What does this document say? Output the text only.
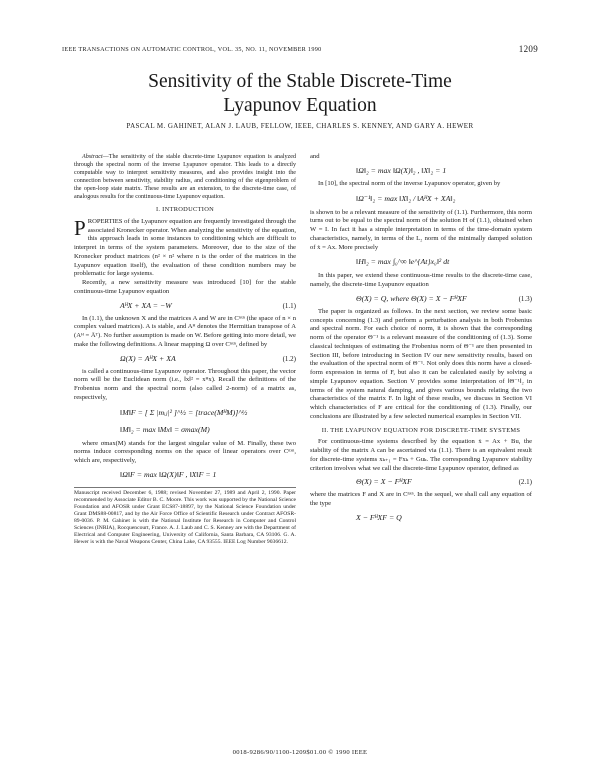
IEEE TRANSACTIONS ON AUTOMATIC CONTROL, VOL. 35, NO. 11, NOVEMBER 1990	1209
Sensitivity of the Stable Discrete-Time
Lyapunov Equation
PASCAL M. GAHINET, ALAN J. LAUB, FELLOW, IEEE, CHARLES S. KENNEY, AND GARY A. HEWER

Abstract—The sensitivity of the stable discrete-time Lyapunov equation is analyzed through the spectral norm of the inverse Lyapunov operator. This leads to a directly computable way to interpret sensitivity measures, and also provides insight into the connection between sensitivity, stability radius, and conditioning of the eigenproblem of the open-loop state matrix. These results are an extension, to the discrete-time case, of analogous results for the continuous-time Lyapunov equation.

I. INTRODUCTION

PROPERTIES of the Lyapunov equation are frequently investigated through the associated Kronecker operator. When analyzing the sensitivity of the equation, this approach leads in some instances to conditioning which are difficult to interpret in terms of the system parameters. Moreover, due to the size of the Kronecker product matrices (n² × n² where n is the order of the matrices in the Lyapunov equation itself), the evaluation of these condition numbers may be problematic for large systems.

Recently, a new sensitivity measure was introduced [10] for the stable continuous-time Lyapunov equation

AᴴX + XA = −W	(1.1)

In (1.1), the unknown X and the matrices A and W are in Cⁿˣⁿ (the space of n × n complex valued matrices). A is stable, and Aᴴ denotes the Hermitian transpose of A (Aᴴ = Āᵀ). No further assumption is made on W. Before getting into more detail, we make the following definitions. A linear mapping Ω over Cⁿˣⁿ, defined by

Ω(X) = AᴴX + XA	(1.2)

is called a continuous-time Lyapunov operator. Throughout this paper, the vector norm will be the Euclidean norm (i.e., ‖x‖² = xᴴx). Recall the definitions of the Frobenius norm and the spectral norm (also called 2-norm) of a matrix as, respectively,

‖M‖F = [ Σ |mᵢⱼ|² ]^½ = [trace(MᴴM)]^½
‖M‖₂ = max ‖Mx‖ = σmax(M)

where σmax(M) stands for the largest singular value of M. Finally, these two norms induce corresponding norms on the space of linear operators over Cⁿˣⁿ, which are, respectively,

‖Ω‖F = max ‖Ω(X)‖F , ‖X‖F = 1
Manuscript received December 6, 1988; revised November 27, 1989 and April 2, 1990. Paper recommended by Associate Editor B. C. Moore. This work was supported by the National Science Foundation and AFOSR under Grant ECS87-18897, by the National Science Foundation under Grant DMS88-00817, and by the Air Force Office of Scientific Research under Contract AFOSR-89-0036. P. M. Gahinet is with the National Institute for Research in Computer and Control Sciences (INRIA), Rocquencourt, France. A. J. Laub and C. S. Kenney are with the Department of Electrical and Computer Engineering, University of California, Santa Barbara, CA 93106. G. A. Hewer is with the Naval Weapons Center, China Lake, CA 93555. IEEE Log Number 9036612.

and

‖Ω‖₂ = max ‖Ω(X)‖₂ , ‖X‖₂ = 1

In [10], the spectral norm of the inverse Lyapunov operator, given by

‖Ω⁻¹‖₂ = max ‖X‖₂ / ‖AᴴX + XA‖₂

is shown to be a relevant measure of the sensitivity of (1.1). Furthermore, this norm turns out to be equal to the spectral norm of the solution H of (1.1), obtained when W = I. In fact it has a simple interpretation in terms of the time-domain system characteristics, namely, in terms of the L₂ norm of the minimally damped solution of ẋ = Ax. More precisely

‖H‖₂ = max ∫₀^∞ ‖e^{At}x₀‖² dt

In this paper, we extend these continuous-time results to the discrete-time case, namely, the discrete-time Lyapunov equation

Θ(X) = Q, where Θ(X) = X − FᴴXF	(1.3)

The paper is organized as follows. In the next section, we review some basic concepts concerning (1.3) and perform a perturbation analysis in both Frobenius and spectral norm. For each choice of norm, it is shown that the corresponding norm of the operator Θ⁻¹ is a relevant measure of the conditioning of (1.3). Some classical techniques of estimating the Frobenius norm of Θ⁻¹ are then presented in Section III, before introducing in Section IV our new sensitivity results, based on the evaluation of the spectral norm of Θ⁻¹. Not only does this norm have a closed-form expression in terms of F, but also it can be calculated easily by solving a simple Lyapunov equation. Section V provides some interpretation of ‖Θ⁻¹‖₂ in terms of the system natural damping, and gives various bounds relating the two characteristics of the matrix F. In light of these results, we discuss in Section VI which characteristics of F are critical for the conditioning of (1.3). Finally, our conclusions are illustrated by a few selected numerical examples in Section VII.

II. THE LYAPUNOV EQUATION FOR DISCRETE-TIME SYSTEMS

For continuous-time systems described by the equation ẋ = Ax + Bu, the stability of the matrix A can be ascertained via (1.1). There is an equivalent result for discrete-time systems xₖ₊₁ = Fxₖ + Guₖ. The corresponding Lyapunov stability criterion involves what we call the discrete-time Lyapunov operator, defined as

Θ(X) = X − FᴴXF	(2.1)

where the matrices F and X are in Cⁿˣⁿ. In the sequel, we shall call any equation of the type

X − FᴴXF = Q
0018-9286/90/1100-1209$01.00 © 1990 IEEE
